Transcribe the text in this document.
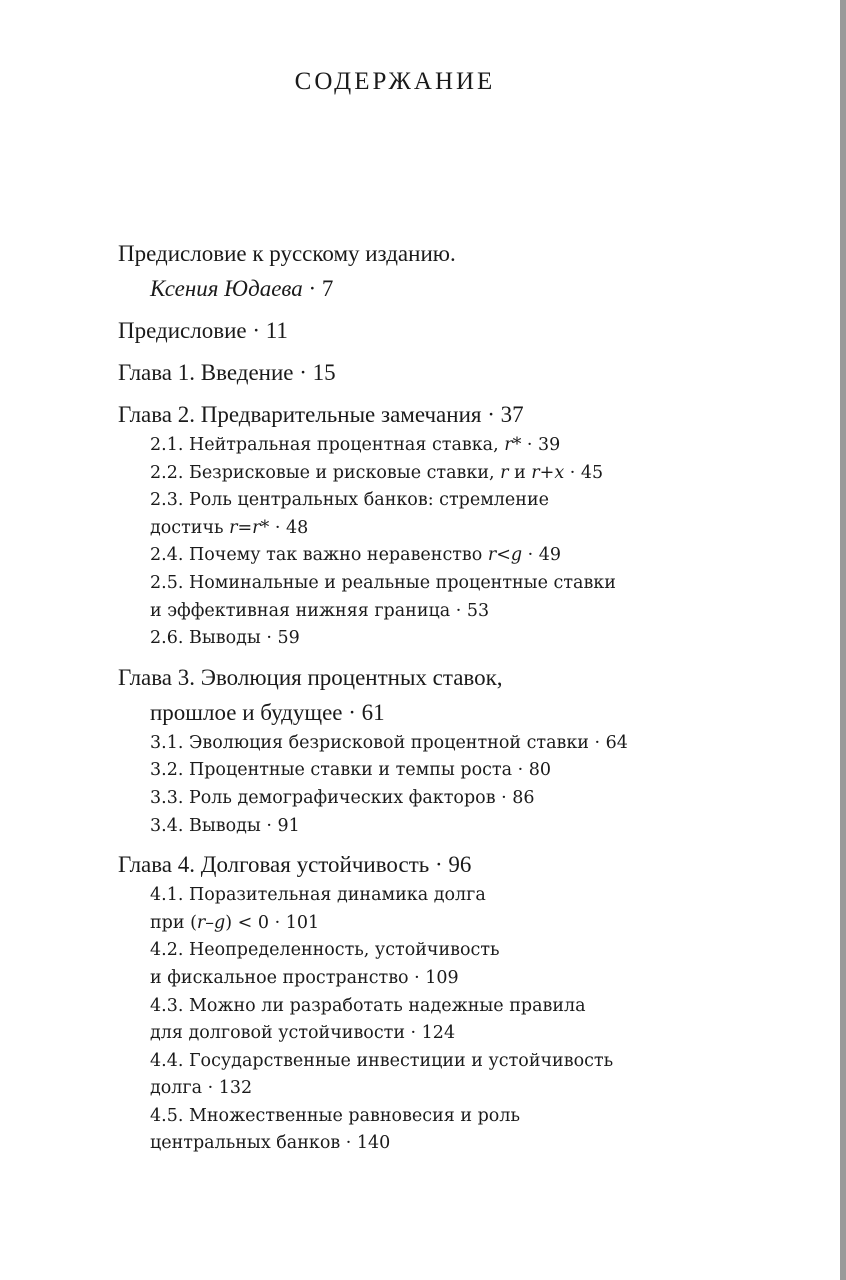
СОДЕРЖАНИЕ
Предисловие к русскому изданию.
Ксения Юдаева · 7
Предисловие · 11
Глава 1. Введение · 15
Глава 2. Предварительные замечания · 37
2.1. Нейтральная процентная ставка, r* · 39
2.2. Безрисковые и рисковые ставки, r и r+x · 45
2.3. Роль центральных банков: стремление
достичь r=r* · 48
2.4. Почему так важно неравенство r<g · 49
2.5. Номинальные и реальные процентные ставки
и эффективная нижняя граница · 53
2.6. Выводы · 59
Глава 3. Эволюция процентных ставок,
прошлое и будущее · 61
3.1. Эволюция безрисковой процентной ставки · 64
3.2. Процентные ставки и темпы роста · 80
3.3. Роль демографических факторов · 86
3.4. Выводы · 91
Глава 4. Долговая устойчивость · 96
4.1. Поразительная динамика долга
при (r–g) < 0 · 101
4.2. Неопределенность, устойчивость
и фискальное пространство · 109
4.3. Можно ли разработать надежные правила
для долговой устойчивости · 124
4.4. Государственные инвестиции и устойчивость
долга · 132
4.5. Множественные равновесия и роль
центральных банков · 140
